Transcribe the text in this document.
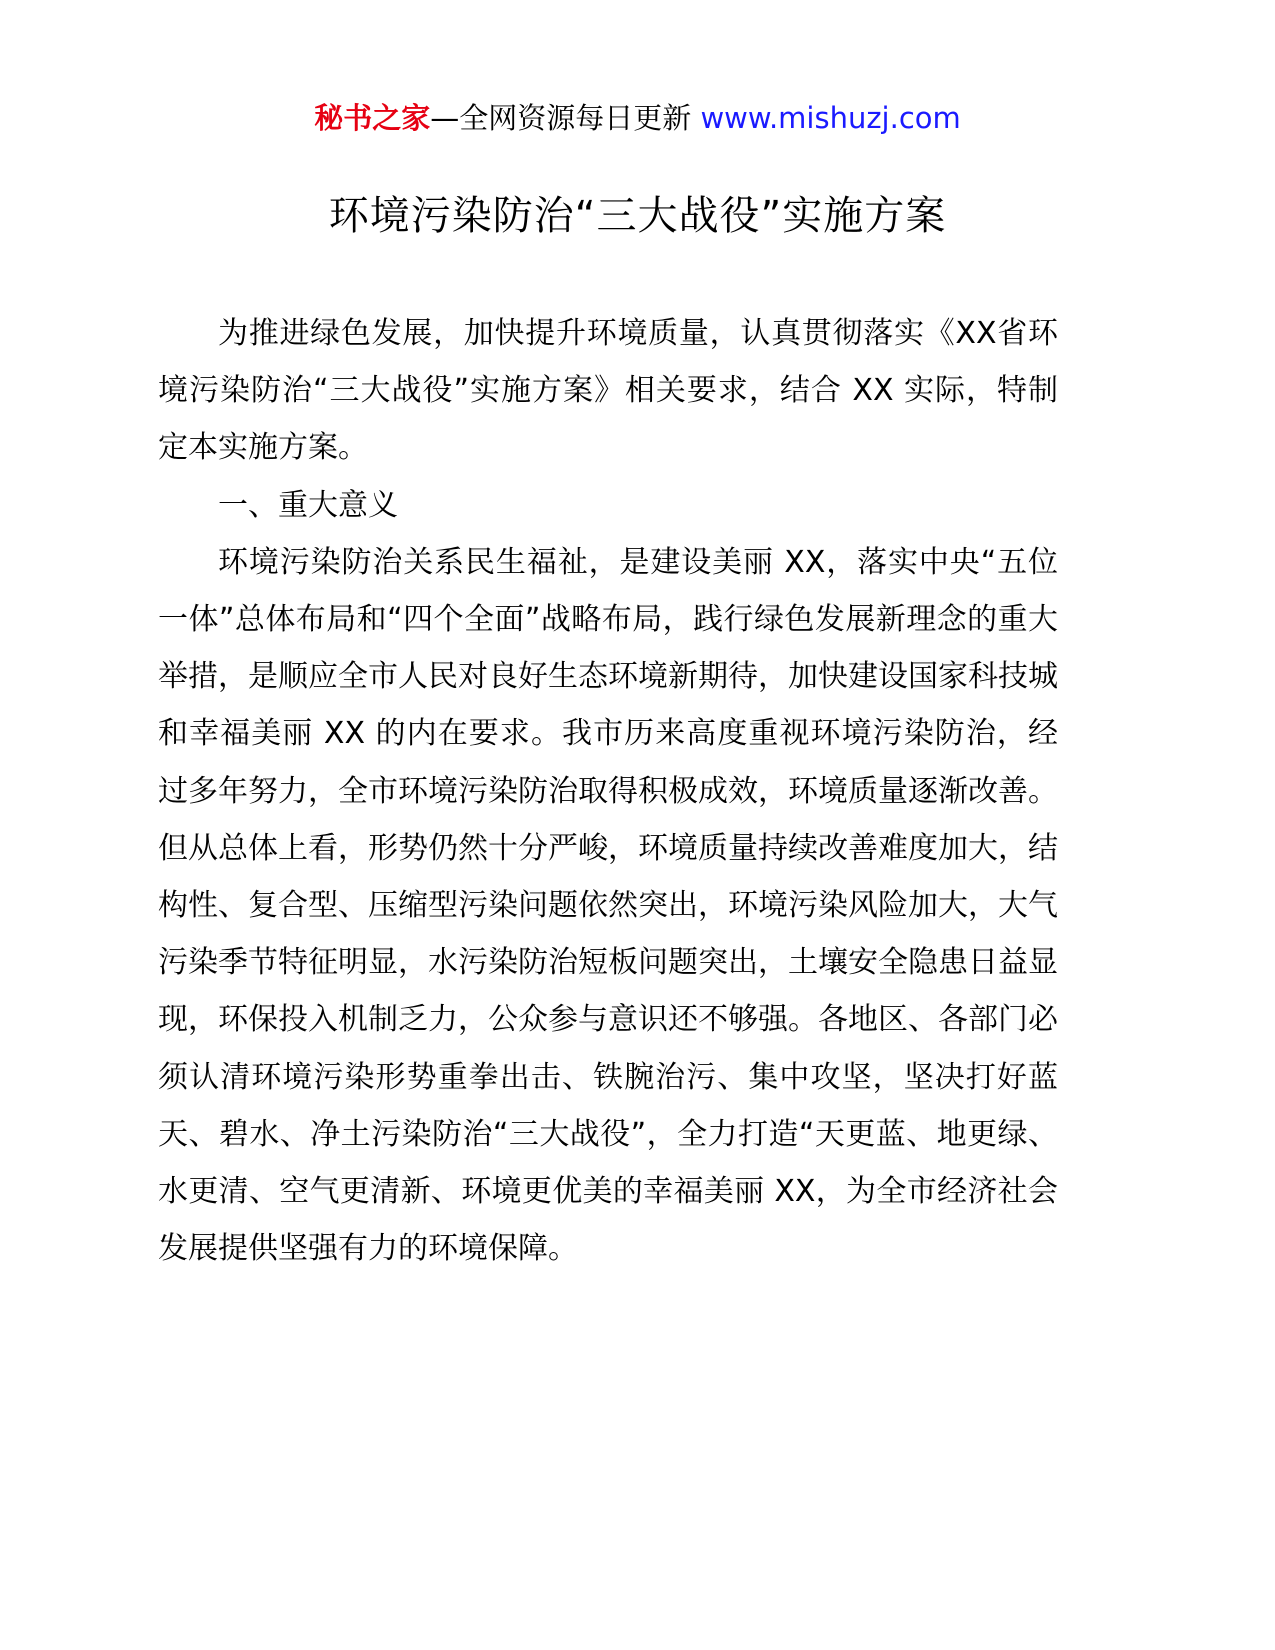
秘书之家—全网资源每日更新 www.mishuzj.com
环境污染防治“三大战役”实施方案

为推进绿色发展，加快提升环境质量，认真贯彻落实《XX省环境污染防治“三大战役”实施方案》相关要求，结合 XX 实际，特制定本实施方案。

一、重大意义

环境污染防治关系民生福祉，是建设美丽 XX，落实中央“五位一体”总体布局和“四个全面”战略布局，践行绿色发展新理念的重大举措，是顺应全市人民对良好生态环境新期待，加快建设国家科技城和幸福美丽 XX 的内在要求。我市历来高度重视环境污染防治，经过多年努力，全市环境污染防治取得积极成效，环境质量逐渐改善。但从总体上看，形势仍然十分严峻，环境质量持续改善难度加大，结构性、复合型、压缩型污染问题依然突出，环境污染风险加大，大气污染季节特征明显，水污染防治短板问题突出，土壤安全隐患日益显现，环保投入机制乏力，公众参与意识还不够强。各地区、各部门必须认清环境污染形势重拳出击、铁腕治污、集中攻坚，坚决打好蓝天、碧水、净土污染防治“三大战役”，全力打造“天更蓝、地更绿、水更清、空气更清新、环境更优美的幸福美丽 XX，为全市经济社会发展提供坚强有力的环境保障。
